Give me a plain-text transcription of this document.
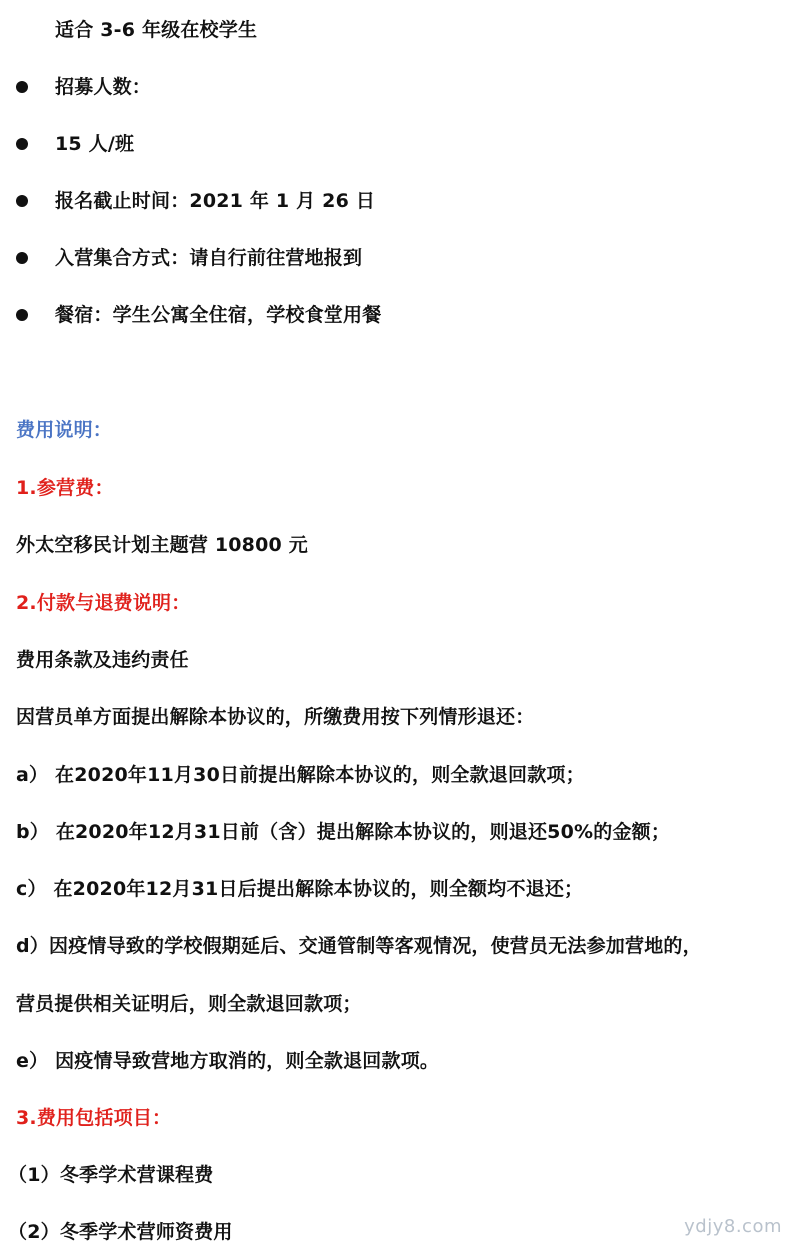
适合 3-6 年级在校学生
招募人数：
15 人/班
报名截止时间：2021 年 1 月 26 日
入营集合方式：请自行前往营地报到
餐宿：学生公寓全住宿，学校食堂用餐
费用说明：
1.参营费：
外太空移民计划主题营 10800 元
2.付款与退费说明：
费用条款及违约责任
因营员单方面提出解除本协议的，所缴费用按下列情形退还：
a） 在2020年11月30日前提出解除本协议的，则全款退回款项；
b） 在2020年12月31日前（含）提出解除本协议的，则退还50%的金额；
c） 在2020年12月31日后提出解除本协议的，则全额均不退还；
d）因疫情导致的学校假期延后、交通管制等客观情况，使营员无法参加营地的，
营员提供相关证明后，则全款退回款项；
e） 因疫情导致营地方取消的，则全款退回款项。
3.费用包括项目：
（1）冬季学术营课程费
（2）冬季学术营师资费用	ydjy8.com
